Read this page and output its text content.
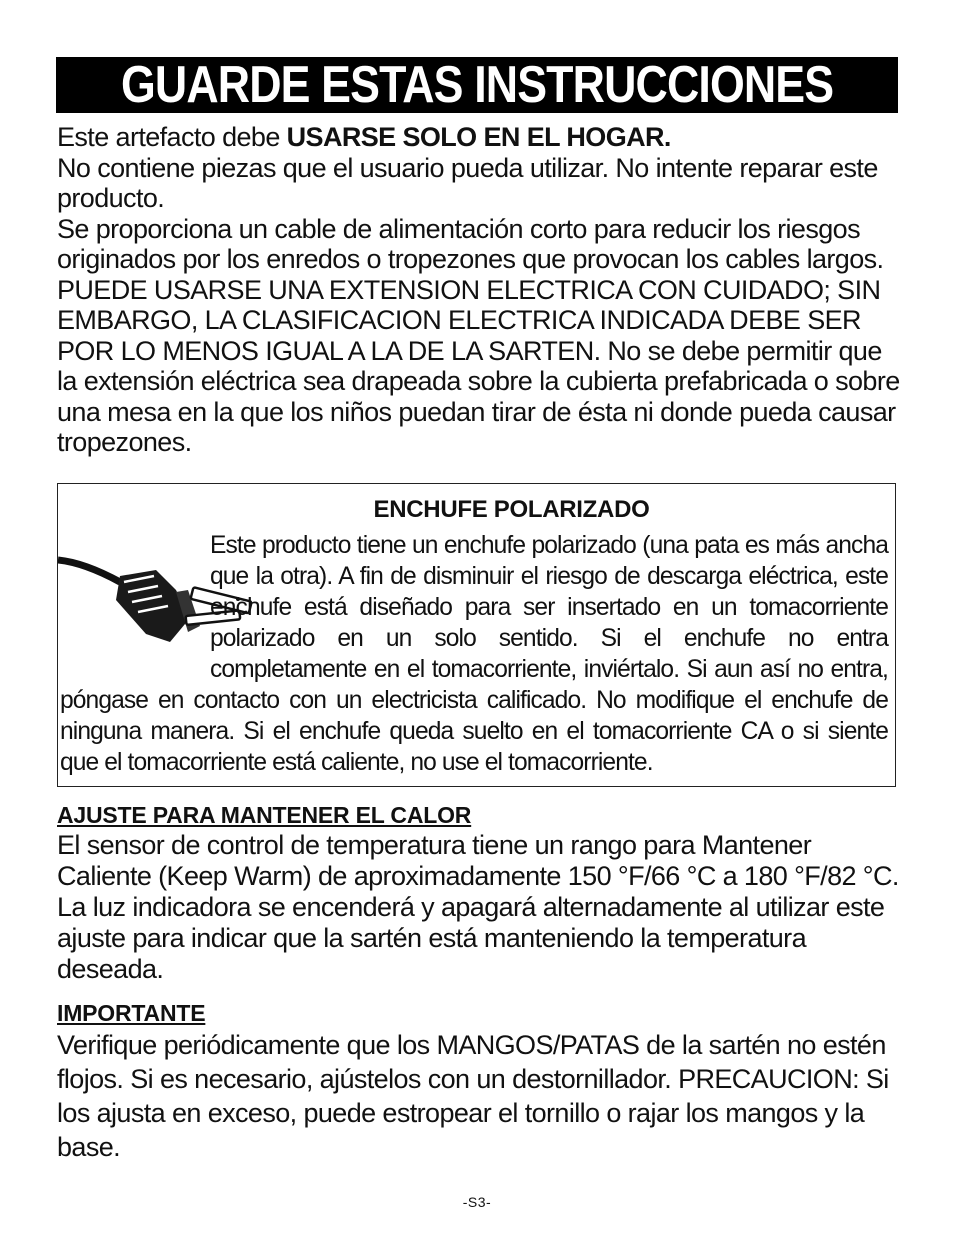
GUARDE ESTAS INSTRUCCIONES

Este artefacto debe USARSE SOLO EN EL HOGAR.

No contiene piezas que el usuario pueda utilizar. No intente reparar este producto.

Se proporciona un cable de alimentación corto para reducir los riesgos originados por los enredos o tropezones que provocan los cables largos. PUEDE USARSE UNA EXTENSION ELECTRICA CON CUIDADO; SIN EMBARGO, LA CLASIFICACION ELECTRICA INDICADA DEBE SER POR LO MENOS IGUAL A LA DE LA SARTEN. No se debe permitir que la extensión eléctrica sea drapeada sobre la cubierta prefabricada o sobre una mesa en la que los niños puedan tirar de ésta ni donde pueda causar tropezones.

ENCHUFE POLARIZADO
Este producto tiene un enchufe polarizado (una pata es más ancha que la otra). A fin de disminuir el riesgo de descarga eléctrica, este enchufe está diseñado para ser insertado en un tomacorriente polarizado en un solo sentido. Si el enchufe no entra completamente en el tomacorriente, inviértalo. Si aun así no entra, póngase en contacto con un electricista calificado. No modifique el enchufe de ninguna manera. Si el enchufe queda suelto en el tomacorriente CA o si siente que el tomacorriente está caliente, no use el tomacorriente.
AJUSTE PARA MANTENER EL CALOR

El sensor de control de temperatura tiene un rango para Mantener Caliente (Keep Warm) de aproximadamente 150 °F/66 °C a 180 °F/82 °C. La luz indicadora se encenderá y apagará alternadamente al utilizar este ajuste para indicar que la sartén está manteniendo la temperatura deseada.

IMPORTANTE

Verifique periódicamente que los MANGOS/PATAS de la sartén no estén flojos. Si es necesario, ajústelos con un destornillador. PRECAUCION: Si los ajusta en exceso, puede estropear el tornillo o rajar los mangos y la base.

-S3-
